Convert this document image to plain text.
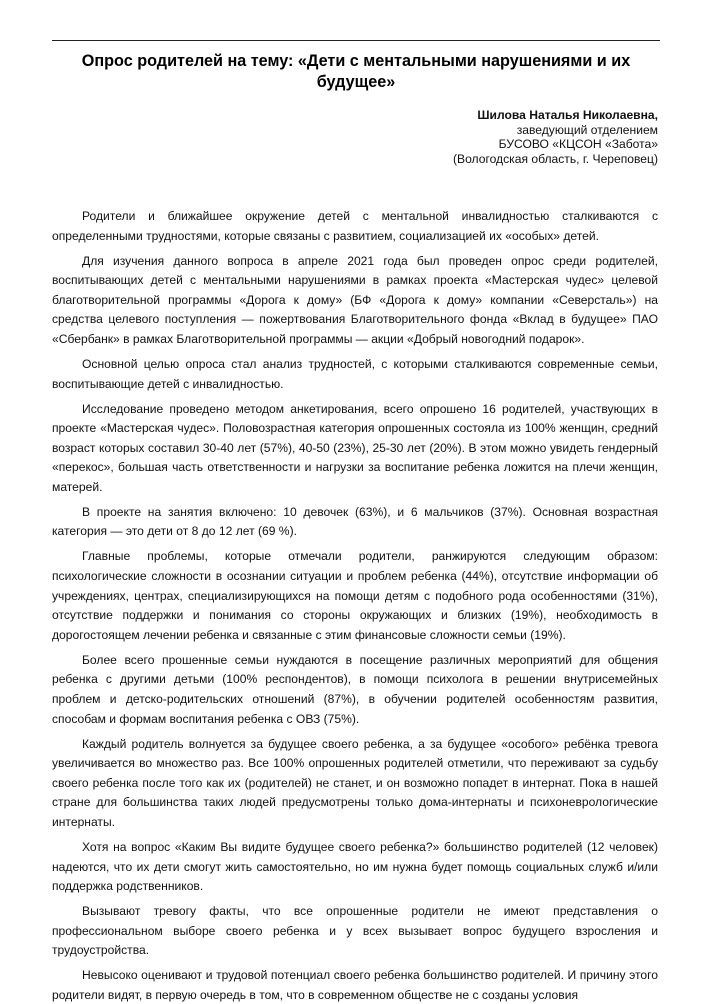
Опрос родителей на тему: «Дети с ментальными нарушениями и их будущее»
Шилова Наталья Николаевна,
заведующий отделением
БУСОВО «КЦСОН «Забота»
(Вологодская область, г. Череповец)

Родители и ближайшее окружение детей с ментальной инвалидностью сталкиваются с определенными трудностями, которые связаны с развитием, социализацией их «особых» детей.

Для изучения данного вопроса в апреле 2021 года был проведен опрос среди родителей, воспитывающих детей с ментальными нарушениями в рамках проекта «Мастерская чудес» целевой благотворительной программы «Дорога к дому» (БФ «Дорога к дому» компании «Северсталь») на средства целевого поступления — пожертвования Благотворительного фонда «Вклад в будущее» ПАО «Сбербанк» в рамках Благотворительной программы — акции «Добрый новогодний подарок».

Основной целью опроса стал анализ трудностей, с которыми сталкиваются современные семьи, воспитывающие детей с инвалидностью.

Исследование проведено методом анкетирования, всего опрошено 16 родителей, участвующих в проекте «Мастерская чудес». Половозрастная категория опрошенных состояла из 100% женщин, средний возраст которых составил 30-40 лет (57%), 40-50 (23%), 25-30 лет (20%). В этом можно увидеть гендерный «перекос», большая часть ответственности и нагрузки за воспитание ребенка ложится на плечи женщин, матерей.

В проекте на занятия включено: 10 девочек (63%), и 6 мальчиков (37%). Основная возрастная категория — это дети от 8 до 12 лет (69 %).

Главные проблемы, которые отмечали родители, ранжируются следующим образом: психологические сложности в осознании ситуации и проблем ребенка (44%), отсутствие информации об учреждениях, центрах, специализирующихся на помощи детям с подобного рода особенностями (31%), отсутствие поддержки и понимания со стороны окружающих и близких (19%), необходимость в дорогостоящем лечении ребенка и связанные с этим финансовые сложности семьи (19%).

Более всего прошенные семьи нуждаются в посещение различных мероприятий для общения ребенка с другими детьми (100% респондентов), в помощи психолога в решении внутрисемейных проблем и детско-родительских отношений (87%), в обучении родителей особенностям развития, способам и формам воспитания ребенка с ОВЗ (75%).

Каждый родитель волнуется за будущее своего ребенка, а за будущее «особого» ребёнка тревога увеличивается во множество раз. Все 100% опрошенных родителей отметили, что переживают за судьбу своего ребенка после того как их (родителей) не станет, и он возможно попадет в интернат. Пока в нашей стране для большинства таких людей предусмотрены только дома-интернаты и психоневрологические интернаты.

Хотя на вопрос «Каким Вы видите будущее своего ребенка?» большинство родителей (12 человек) надеются, что их дети смогут жить самостоятельно, но им нужна будет помощь социальных служб и/или поддержка родственников.

Вызывают тревогу факты, что все опрошенные родители не имеют представления о профессиональном выборе своего ребенка и у всех вызывает вопрос будущего взросления и трудоустройства.

Невысоко оценивают и трудовой потенциал своего ребенка большинство родителей. И причину этого родители видят, в первую очередь в том, что в современном обществе не с созданы условия
